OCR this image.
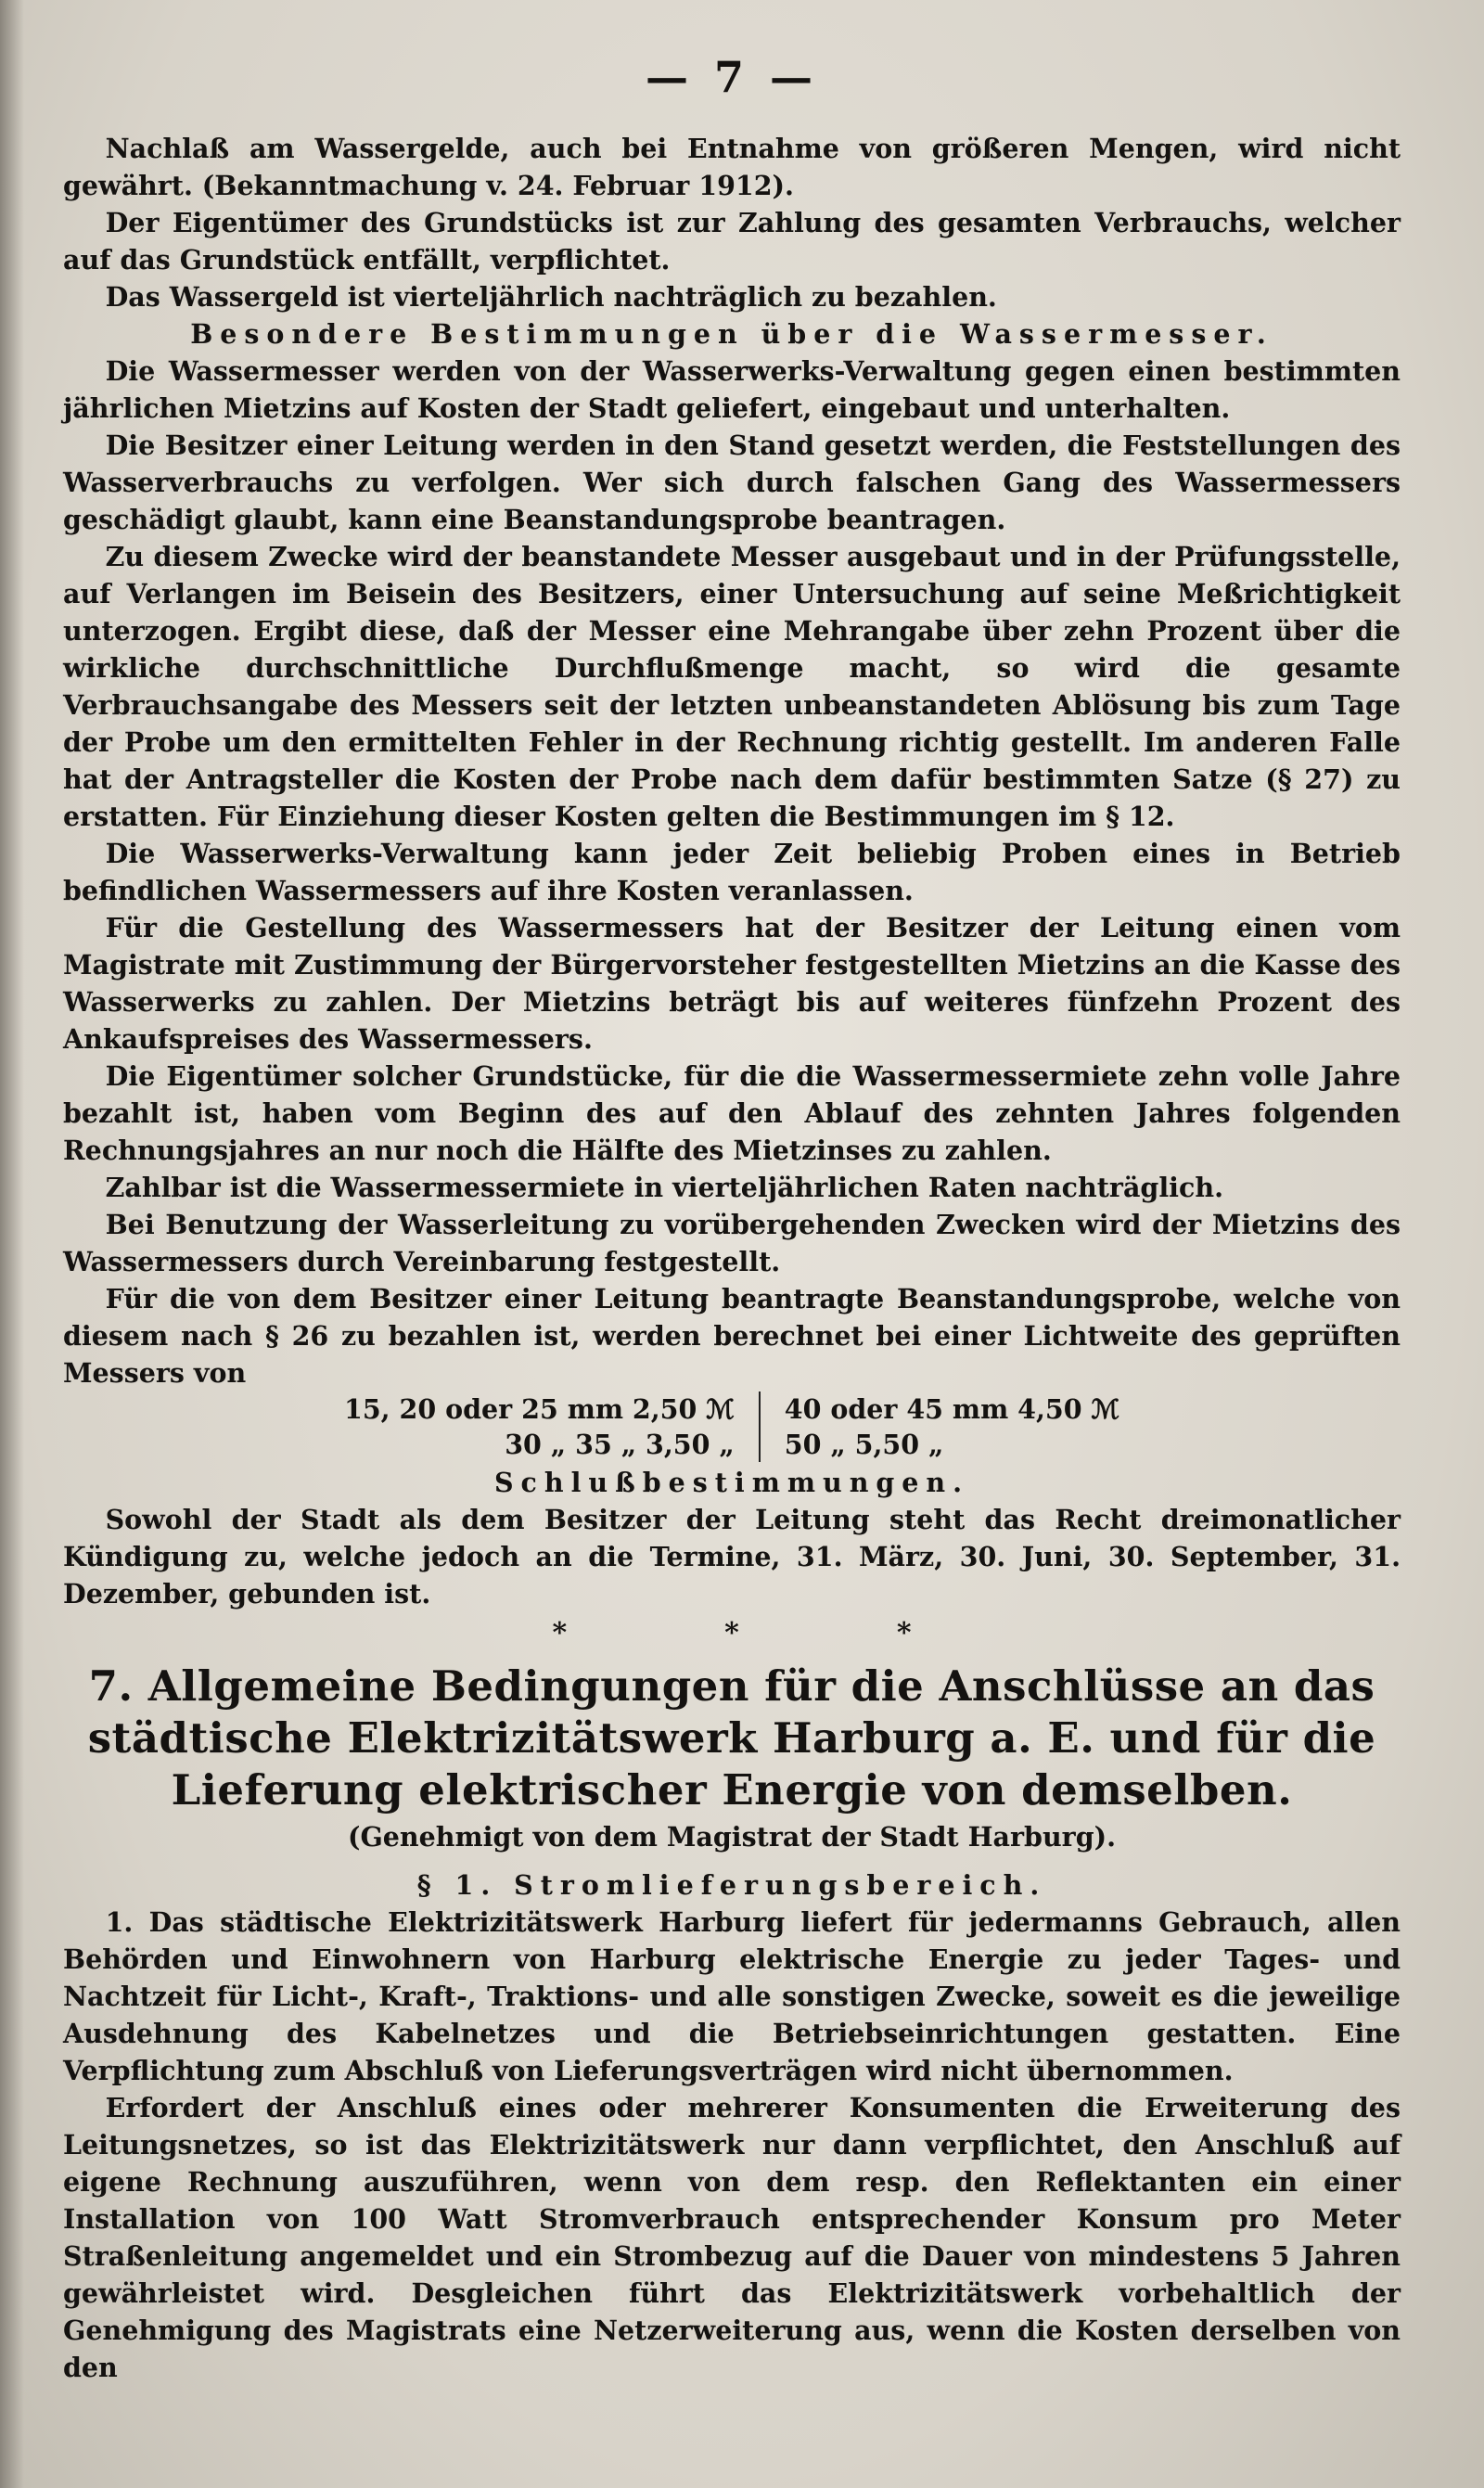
— 7 —

Nachlaß am Wassergelde, auch bei Entnahme von größeren Mengen, wird nicht gewährt. (Bekanntmachung v. 24. Februar 1912).

Der Eigentümer des Grundstücks ist zur Zahlung des gesamten Verbrauchs, welcher auf das Grundstück entfällt, verpflichtet.

Das Wassergeld ist vierteljährlich nachträglich zu bezahlen.

Besondere Bestimmungen über die Wassermesser.

Die Wassermesser werden von der Wasserwerks-Verwaltung gegen einen bestimmten jährlichen Mietzins auf Kosten der Stadt geliefert, eingebaut und unterhalten.

Die Besitzer einer Leitung werden in den Stand gesetzt werden, die Feststellungen des Wasserverbrauchs zu verfolgen. Wer sich durch falschen Gang des Wassermessers geschädigt glaubt, kann eine Beanstandungsprobe beantragen.

Zu diesem Zwecke wird der beanstandete Messer ausgebaut und in der Prüfungsstelle, auf Verlangen im Beisein des Besitzers, einer Untersuchung auf seine Meßrichtigkeit unterzogen. Ergibt diese, daß der Messer eine Mehrangabe über zehn Prozent über die wirkliche durchschnittliche Durchflußmenge macht, so wird die gesamte Verbrauchsangabe des Messers seit der letzten unbeanstandeten Ablösung bis zum Tage der Probe um den ermittelten Fehler in der Rechnung richtig gestellt. Im anderen Falle hat der Antragsteller die Kosten der Probe nach dem dafür bestimmten Satze (§ 27) zu erstatten. Für Einziehung dieser Kosten gelten die Bestimmungen im § 12.

Die Wasserwerks-Verwaltung kann jeder Zeit beliebig Proben eines in Betrieb befindlichen Wassermessers auf ihre Kosten veranlassen.

Für die Gestellung des Wassermessers hat der Besitzer der Leitung einen vom Magistrate mit Zustimmung der Bürgervorsteher festgestellten Mietzins an die Kasse des Wasserwerks zu zahlen. Der Mietzins beträgt bis auf weiteres fünfzehn Prozent des Ankaufspreises des Wassermessers.

Die Eigentümer solcher Grundstücke, für die die Wassermessermiete zehn volle Jahre bezahlt ist, haben vom Beginn des auf den Ablauf des zehnten Jahres folgenden Rechnungsjahres an nur noch die Hälfte des Mietzinses zu zahlen.

Zahlbar ist die Wassermessermiete in vierteljährlichen Raten nachträglich.

Bei Benutzung der Wasserleitung zu vorübergehenden Zwecken wird der Mietzins des Wassermessers durch Vereinbarung festgestellt.

Für die von dem Besitzer einer Leitung beantragte Beanstandungsprobe, welche von diesem nach § 26 zu bezahlen ist, werden berechnet bei einer Lichtweite des geprüften Messers von

15, 20 oder 25 mm 2,50 ℳ
30 „ 35 „ 3,50 „
40 oder 45 mm 4,50 ℳ
50 „ 5,50 „
Schlußbestimmungen.

Sowohl der Stadt als dem Besitzer der Leitung steht das Recht dreimonatlicher Kündigung zu, welche jedoch an die Termine, 31. März, 30. Juni, 30. September, 31. Dezember, gebunden ist.

*	*	*
7. Allgemeine Bedingungen für die Anschlüsse an das städtische Elektrizitätswerk Harburg a. E. und für die Lieferung elektrischer Energie von demselben.
(Genehmigt von dem Magistrat der Stadt Harburg).
§ 1. Stromlieferungsbereich.

1. Das städtische Elektrizitätswerk Harburg liefert für jedermanns Gebrauch, allen Behörden und Einwohnern von Harburg elektrische Energie zu jeder Tages- und Nachtzeit für Licht-, Kraft-, Traktions- und alle sonstigen Zwecke, soweit es die jeweilige Ausdehnung des Kabelnetzes und die Betriebseinrichtungen gestatten. Eine Verpflichtung zum Abschluß von Lieferungsverträgen wird nicht übernommen.

Erfordert der Anschluß eines oder mehrerer Konsumenten die Erweiterung des Leitungsnetzes, so ist das Elektrizitätswerk nur dann verpflichtet, den Anschluß auf eigene Rechnung auszuführen, wenn von dem resp. den Reflektanten ein einer Installation von 100 Watt Stromverbrauch entsprechender Konsum pro Meter Straßenleitung angemeldet und ein Strombezug auf die Dauer von mindestens 5 Jahren gewährleistet wird. Desgleichen führt das Elektrizitätswerk vorbehaltlich der Genehmigung des Magistrats eine Netzerweiterung aus, wenn die Kosten derselben von den
